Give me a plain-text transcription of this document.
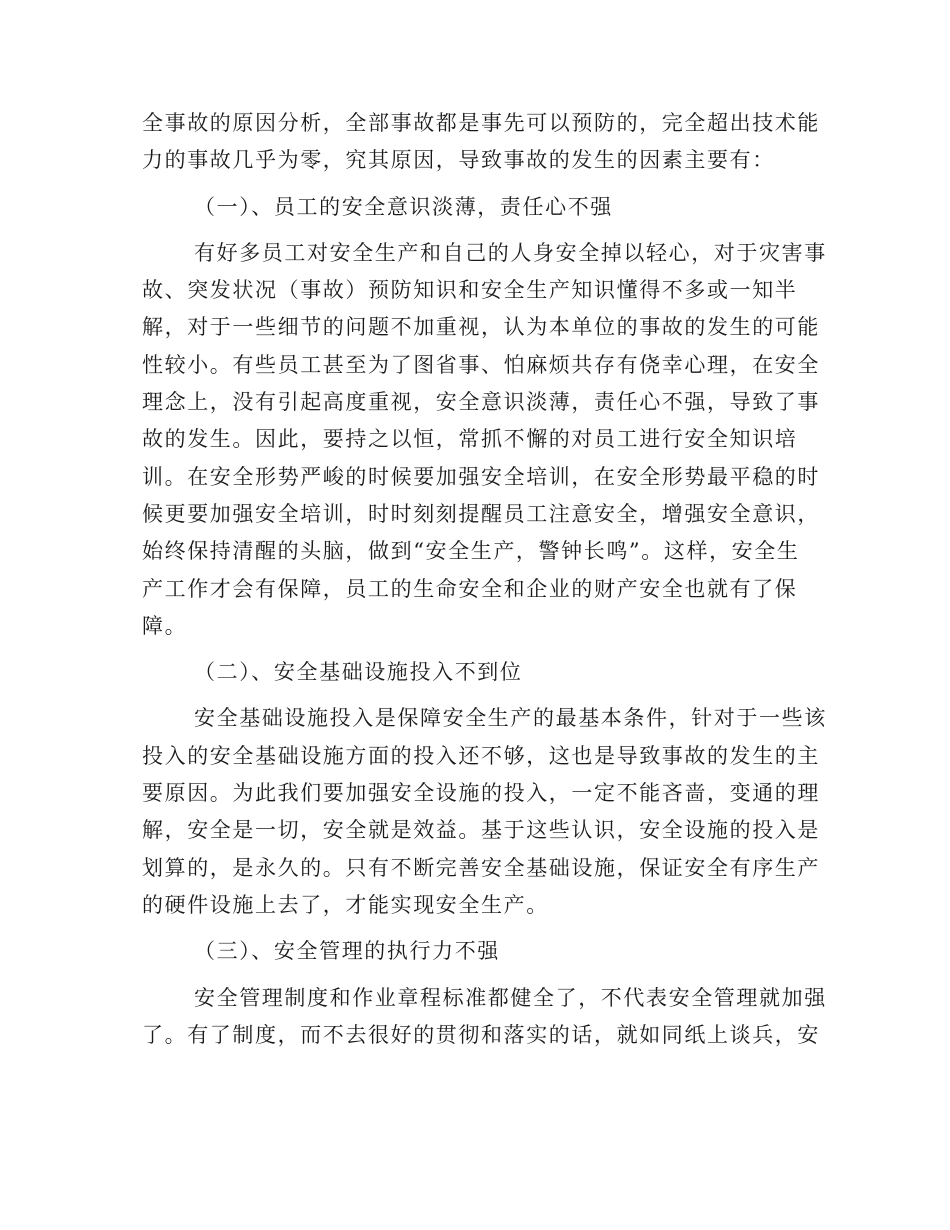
全事故的原因分析，全部事故都是事先可以预防的，完全超出技术能
力的事故几乎为零，究其原因，导致事故的发生的因素主要有：
（一）、员工的安全意识淡薄，责任心不强
有好多员工对安全生产和自己的人身安全掉以轻心，对于灾害事
故、突发状况（事故）预防知识和安全生产知识懂得不多或一知半
解，对于一些细节的问题不加重视，认为本单位的事故的发生的可能
性较小。有些员工甚至为了图省事、怕麻烦共存有侥幸心理，在安全
理念上，没有引起高度重视，安全意识淡薄，责任心不强，导致了事
故的发生。因此，要持之以恒，常抓不懈的对员工进行安全知识培
训。在安全形势严峻的时候要加强安全培训，在安全形势最平稳的时
候更要加强安全培训，时时刻刻提醒员工注意安全，增强安全意识，
始终保持清醒的头脑，做到“安全生产，警钟长鸣”。这样，安全生
产工作才会有保障，员工的生命安全和企业的财产安全也就有了保
障。
（二）、安全基础设施投入不到位
安全基础设施投入是保障安全生产的最基本条件，针对于一些该
投入的安全基础设施方面的投入还不够，这也是导致事故的发生的主
要原因。为此我们要加强安全设施的投入，一定不能吝啬，变通的理
解，安全是一切，安全就是效益。基于这些认识，安全设施的投入是
划算的，是永久的。只有不断完善安全基础设施，保证安全有序生产
的硬件设施上去了，才能实现安全生产。
（三）、安全管理的执行力不强
安全管理制度和作业章程标准都健全了，不代表安全管理就加强
了。有了制度，而不去很好的贯彻和落实的话，就如同纸上谈兵，安
